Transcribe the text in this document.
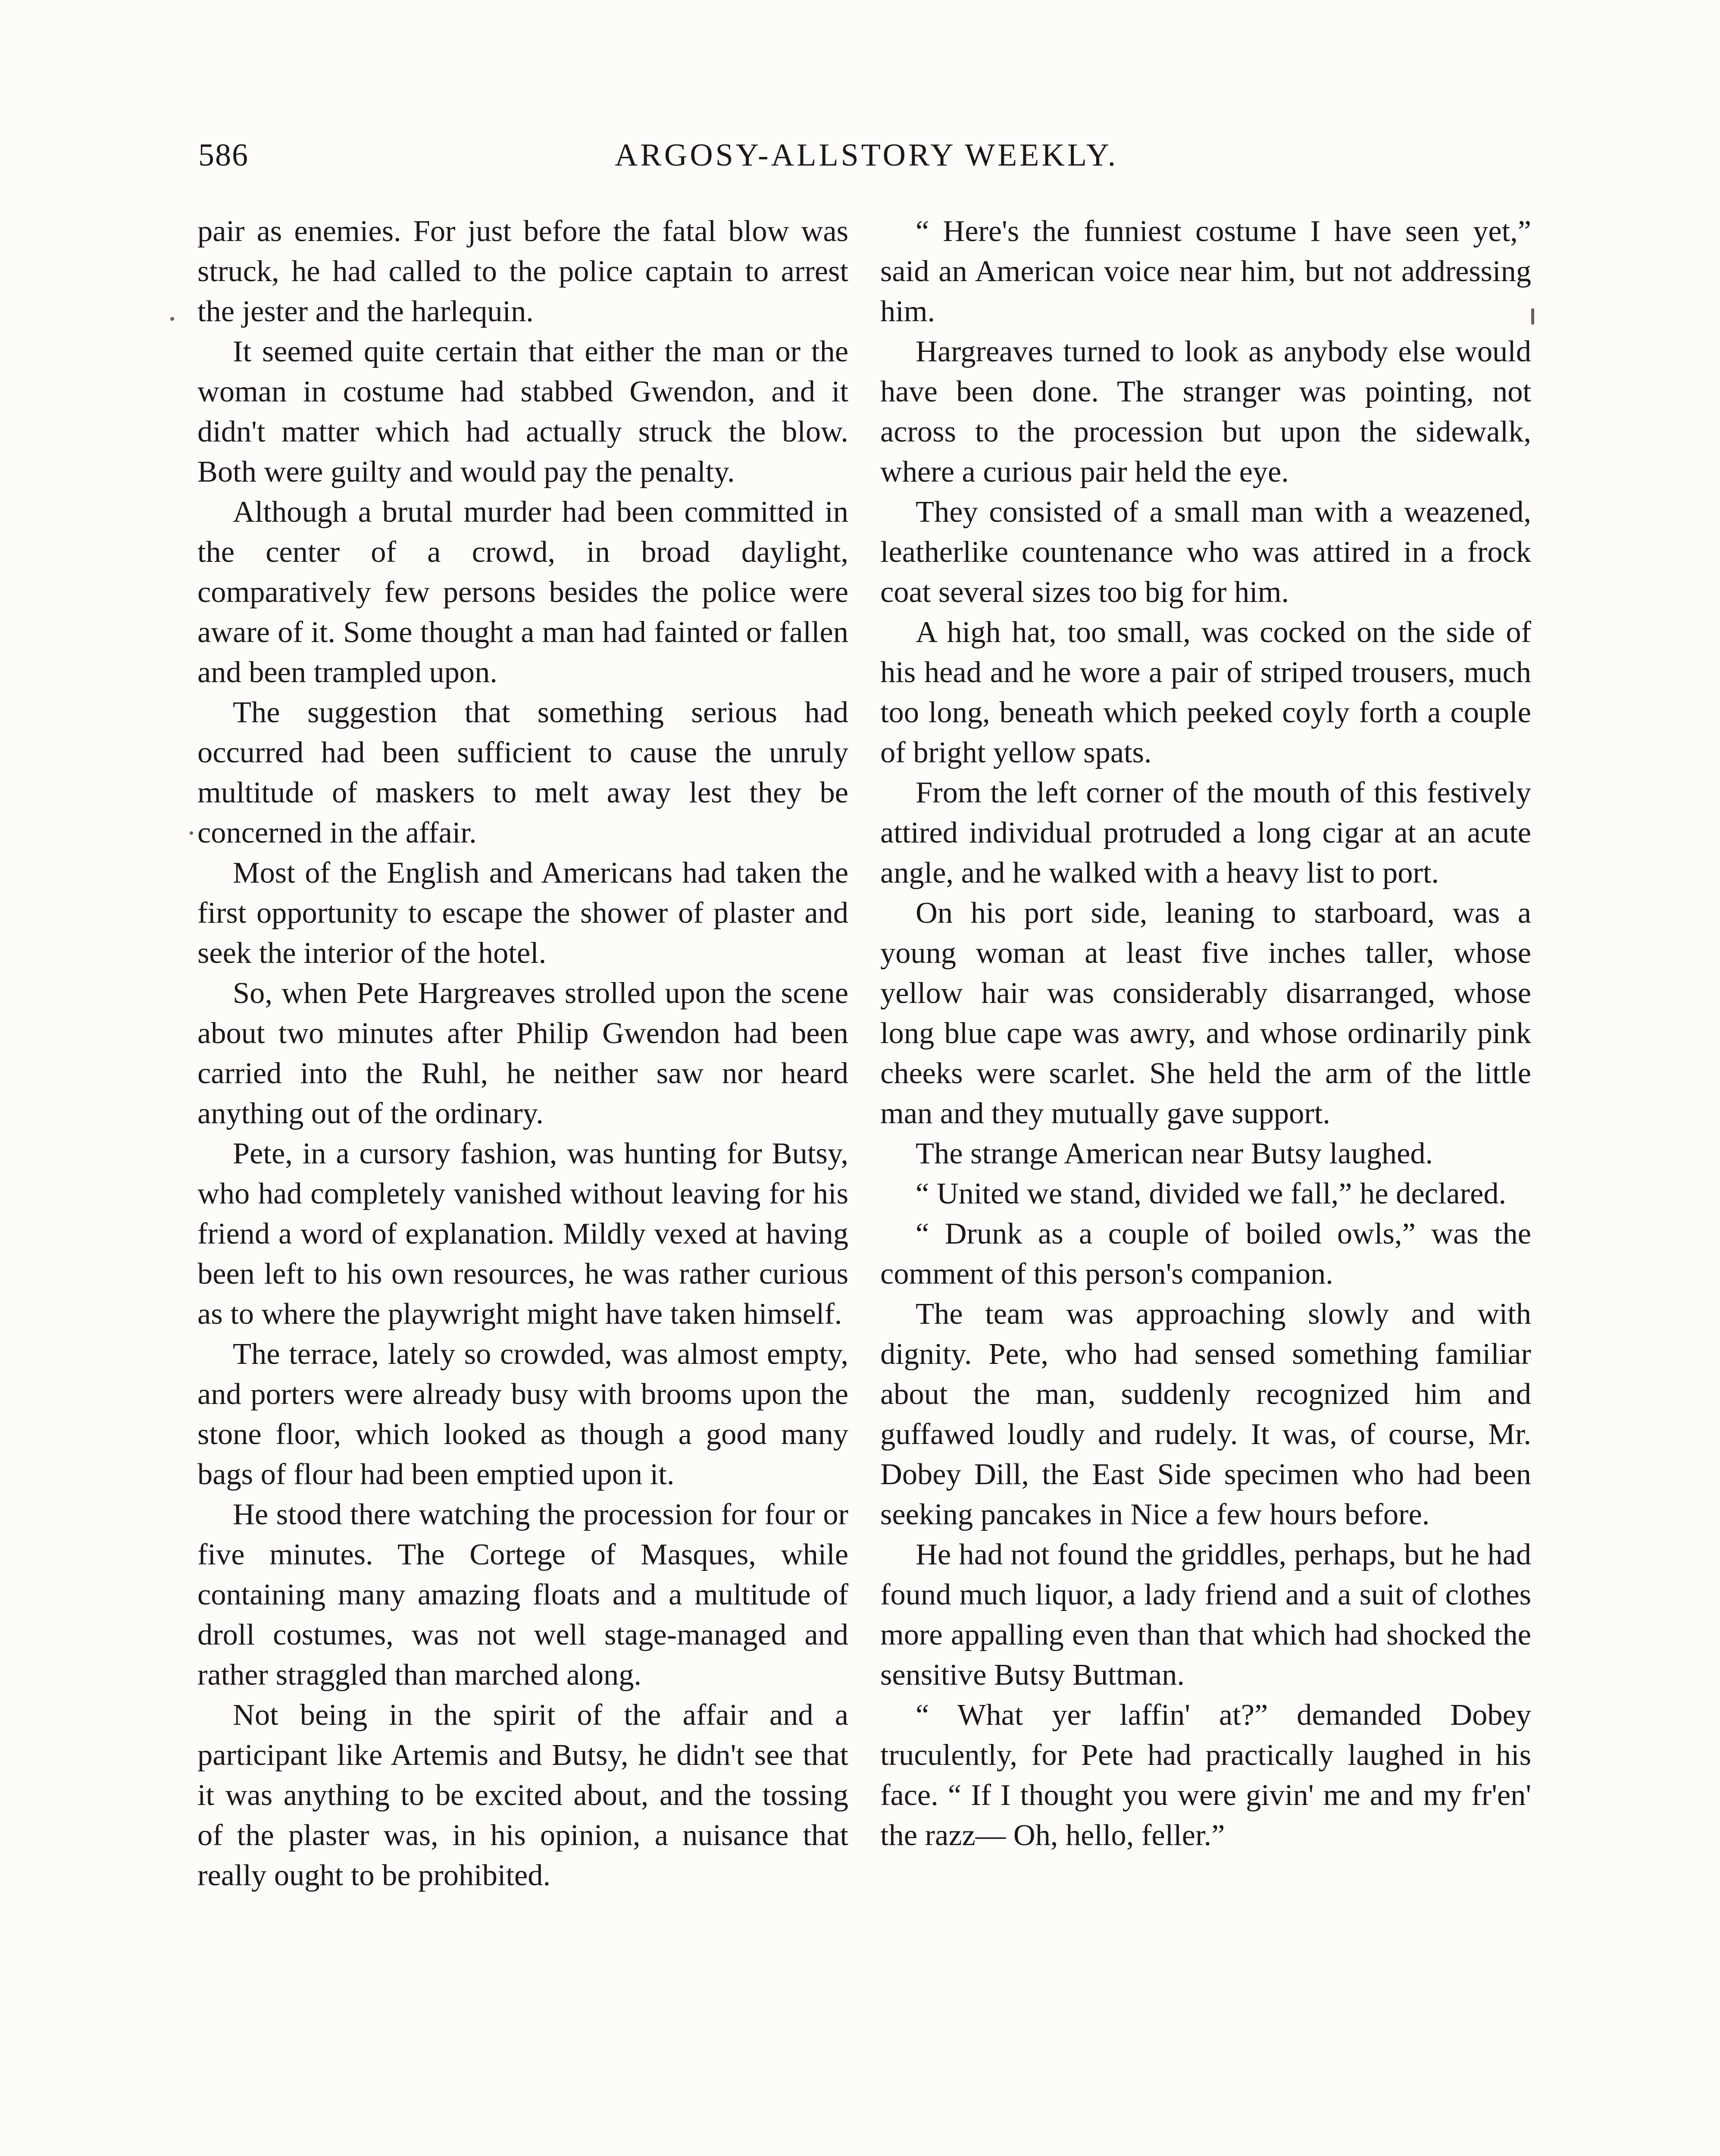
586	ARGOSY-ALLSTORY WEEKLY.

pair as enemies. For just before the fatal blow was struck, he had called to the police captain to arrest the jester and the harlequin.

It seemed quite certain that either the man or the woman in costume had stabbed Gwendon, and it didn't matter which had actually struck the blow. Both were guilty and would pay the penalty.

Although a brutal murder had been committed in the center of a crowd, in broad daylight, comparatively few persons besides the police were aware of it. Some thought a man had fainted or fallen and been trampled upon.

The suggestion that something serious had occurred had been sufficient to cause the unruly multitude of maskers to melt away lest they be concerned in the affair.

Most of the English and Americans had taken the first opportunity to escape the shower of plaster and seek the interior of the hotel.

So, when Pete Hargreaves strolled upon the scene about two minutes after Philip Gwendon had been carried into the Ruhl, he neither saw nor heard anything out of the ordinary.

Pete, in a cursory fashion, was hunting for Butsy, who had completely vanished without leaving for his friend a word of explanation. Mildly vexed at having been left to his own resources, he was rather curious as to where the playwright might have taken himself.

The terrace, lately so crowded, was almost empty, and porters were already busy with brooms upon the stone floor, which looked as though a good many bags of flour had been emptied upon it.

He stood there watching the procession for four or five minutes. The Cortege of Masques, while containing many amazing floats and a multitude of droll costumes, was not well stage-managed and rather straggled than marched along.

Not being in the spirit of the affair and a participant like Artemis and Butsy, he didn't see that it was anything to be excited about, and the tossing of the plaster was, in his opinion, a nuisance that really ought to be prohibited.

“ Here's the funniest costume I have seen yet,” said an American voice near him, but not addressing him.

Hargreaves turned to look as anybody else would have been done. The stranger was pointing, not across to the procession but upon the sidewalk, where a curious pair held the eye.

They consisted of a small man with a weazened, leatherlike countenance who was attired in a frock coat several sizes too big for him.

A high hat, too small, was cocked on the side of his head and he wore a pair of striped trousers, much too long, beneath which peeked coyly forth a couple of bright yellow spats.

From the left corner of the mouth of this festively attired individual protruded a long cigar at an acute angle, and he walked with a heavy list to port.

On his port side, leaning to starboard, was a young woman at least five inches taller, whose yellow hair was considerably disarranged, whose long blue cape was awry, and whose ordinarily pink cheeks were scarlet. She held the arm of the little man and they mutually gave support.

The strange American near Butsy laughed.

“ United we stand, divided we fall,” he declared.

“ Drunk as a couple of boiled owls,” was the comment of this person's companion.

The team was approaching slowly and with dignity. Pete, who had sensed something familiar about the man, suddenly recognized him and guffawed loudly and rudely. It was, of course, Mr. Dobey Dill, the East Side specimen who had been seeking pancakes in Nice a few hours before.

He had not found the griddles, perhaps, but he had found much liquor, a lady friend and a suit of clothes more appalling even than that which had shocked the sensitive Butsy Buttman.

“ What yer laffin' at?” demanded Dobey truculently, for Pete had practically laughed in his face. “ If I thought you were givin' me and my fr'en' the razz— Oh, hello, feller.”
